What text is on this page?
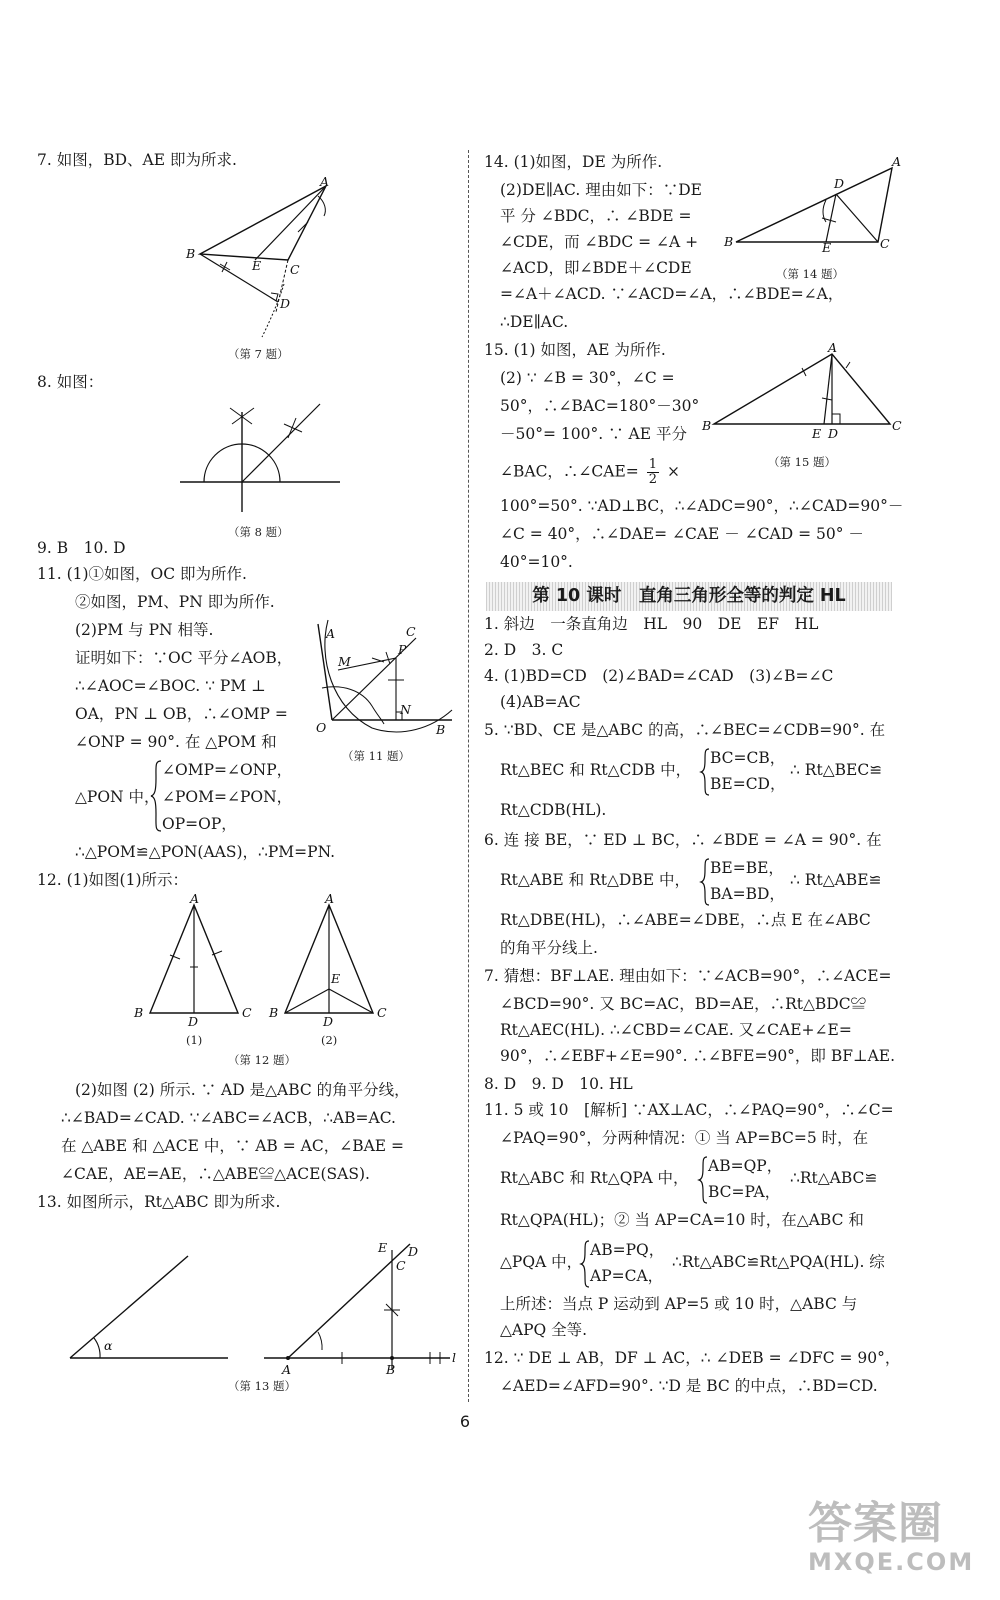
7. 如图，BD、AE 即为所求.
A
B
E C
D
（第 7 题）
8. 如图：
（第 8 题）
9. B　10. D
11. (1)①如图，OC 即为所作.
②如图，PM、PN 即为所作.
(2)PM 与 PN 相等.
证明如下：∵OC 平分∠AOB，
∴∠AOC=∠BOC. ∵ PM ⊥
OA，PN ⊥ OB，∴∠OMP =
∠ONP = 90°. 在 △POM 和
∠OMP=∠ONP，
△PON 中， ∠POM=∠PON，
OP=OP，
A	C
M
P
N
O	B
（第 11 题）
∴△POM≌△PON(AAS)，∴PM=PN.
12. (1)如图(1)所示：
A
B
D
C
(1)
A
E
B
D
C
(2)
（第 12 题）
(2)如图 (2) 所示. ∵ AD 是△ABC 的角平分线，
∴∠BAD=∠CAD. ∵∠ABC=∠ACB，∴AB=AC.
在 △ABE 和 △ACE 中，∵ AB = AC，∠BAE =
∠CAE，AE=AE，∴△ABE≌△ACE(SAS).
13. 如图所示，Rt△ABC 即为所求.
α
E D
C
A	B
l
（第 13 题）
14. (1)如图，DE 为所作.
(2)DE∥AC. 理由如下：∵DE
平 分 ∠BDC，∴ ∠BDE =
∠CDE，而 ∠BDC = ∠A +
∠ACD，即∠BDE＋∠CDE
A
D
B	E	C
（第 14 题）
=∠A＋∠ACD. ∵∠ACD=∠A，∴∠BDE=∠A，
∴DE∥AC.
15. (1) 如图，AE 为所作.
(2) ∵ ∠B = 30°，∠C =
50°，∴∠BAC=180°－30°
－50°= 100°. ∵ AE 平分
∠BAC，∴∠CAE= $\frac{1}{2}$ ×
A
B
E D
C
（第 15 题）
100°=50°. ∵AD⊥BC，∴∠ADC=90°，∴∠CAD=90°－
∠C = 40°，∴∠DAE= ∠CAE － ∠CAD = 50° －
40°=10°.
第 10 课时　直角三角形全等的判定 HL
1. 斜边　一条直角边　HL　90　DE　EF　HL
2. D　3. C
4. (1)BD=CD　(2)∠BAD=∠CAD　(3)∠B=∠C
(4)AB=AC
5. ∵BD、CE 是△ABC 的高，∴∠BEC=∠CDB=90°. 在
Rt△BEC 和 Rt△CDB 中，
BC=CB，
BE=CD，
∴ Rt△BEC≌
Rt△CDB(HL).
6. 连 接 BE，∵ ED ⊥ BC，∴ ∠BDE = ∠A = 90°. 在
Rt△ABE 和 Rt△DBE 中，
BE=BE，
BA=BD，
∴ Rt△ABE≌
Rt△DBE(HL)，∴∠ABE=∠DBE，∴点 E 在∠ABC
的角平分线上.
7. 猜想：BF⊥AE. 理由如下：∵∠ACB=90°，∴∠ACE=
∠BCD=90°. 又 BC=AC，BD=AE，∴Rt△BDC≌
Rt△AEC(HL). ∴∠CBD=∠CAE. 又∠CAE+∠E=
90°，∴∠EBF+∠E=90°. ∴∠BFE=90°，即 BF⊥AE.
8. D　9. D　10. HL
11. 5 或 10　[解析] ∵AX⊥AC，∴∠PAQ=90°，∴∠C=
∠PAQ=90°，分两种情况：① 当 AP=BC=5 时，在
Rt△ABC 和 Rt△QPA 中，
AB=QP，
BC=PA，
∴Rt△ABC≌
Rt△QPA(HL)；② 当 AP=CA=10 时，在△ABC 和
△PQA 中，
AB=PQ，
AP=CA，
∴Rt△ABC≌Rt△PQA(HL). 综
上所述：当点 P 运动到 AP=5 或 10 时，△ABC 与
△APQ 全等.
12. ∵ DE ⊥ AB，DF ⊥ AC，∴ ∠DEB = ∠DFC = 90°，
∠AED=∠AFD=90°. ∵D 是 BC 的中点，∴BD=CD.
6
答案圈
MXQE.COM
